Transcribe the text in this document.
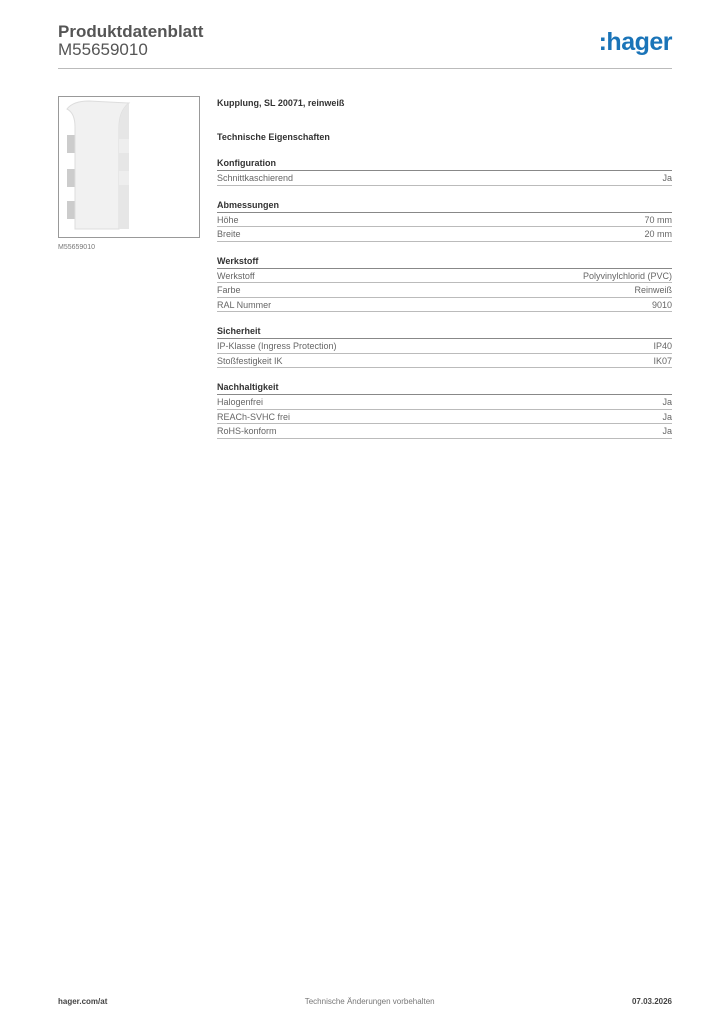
Produktdatenblatt
M55659010	:hager
M55659010
Kupplung, SL 20071, reinweiß
Technische Eigenschaften
Konfiguration
Schnittkaschierend	Ja
Abmessungen
Höhe	70 mm
Breite	20 mm
Werkstoff
Werkstoff	Polyvinylchlorid (PVC)
Farbe	Reinweiß
RAL Nummer	9010
Sicherheit
IP-Klasse (Ingress Protection)	IP40
Stoßfestigkeit IK	IK07
Nachhaltigkeit
Halogenfrei	Ja
REACh-SVHC frei	Ja
RoHS-konform	Ja
hager.com/at	Technische Änderungen vorbehalten	07.03.2026
